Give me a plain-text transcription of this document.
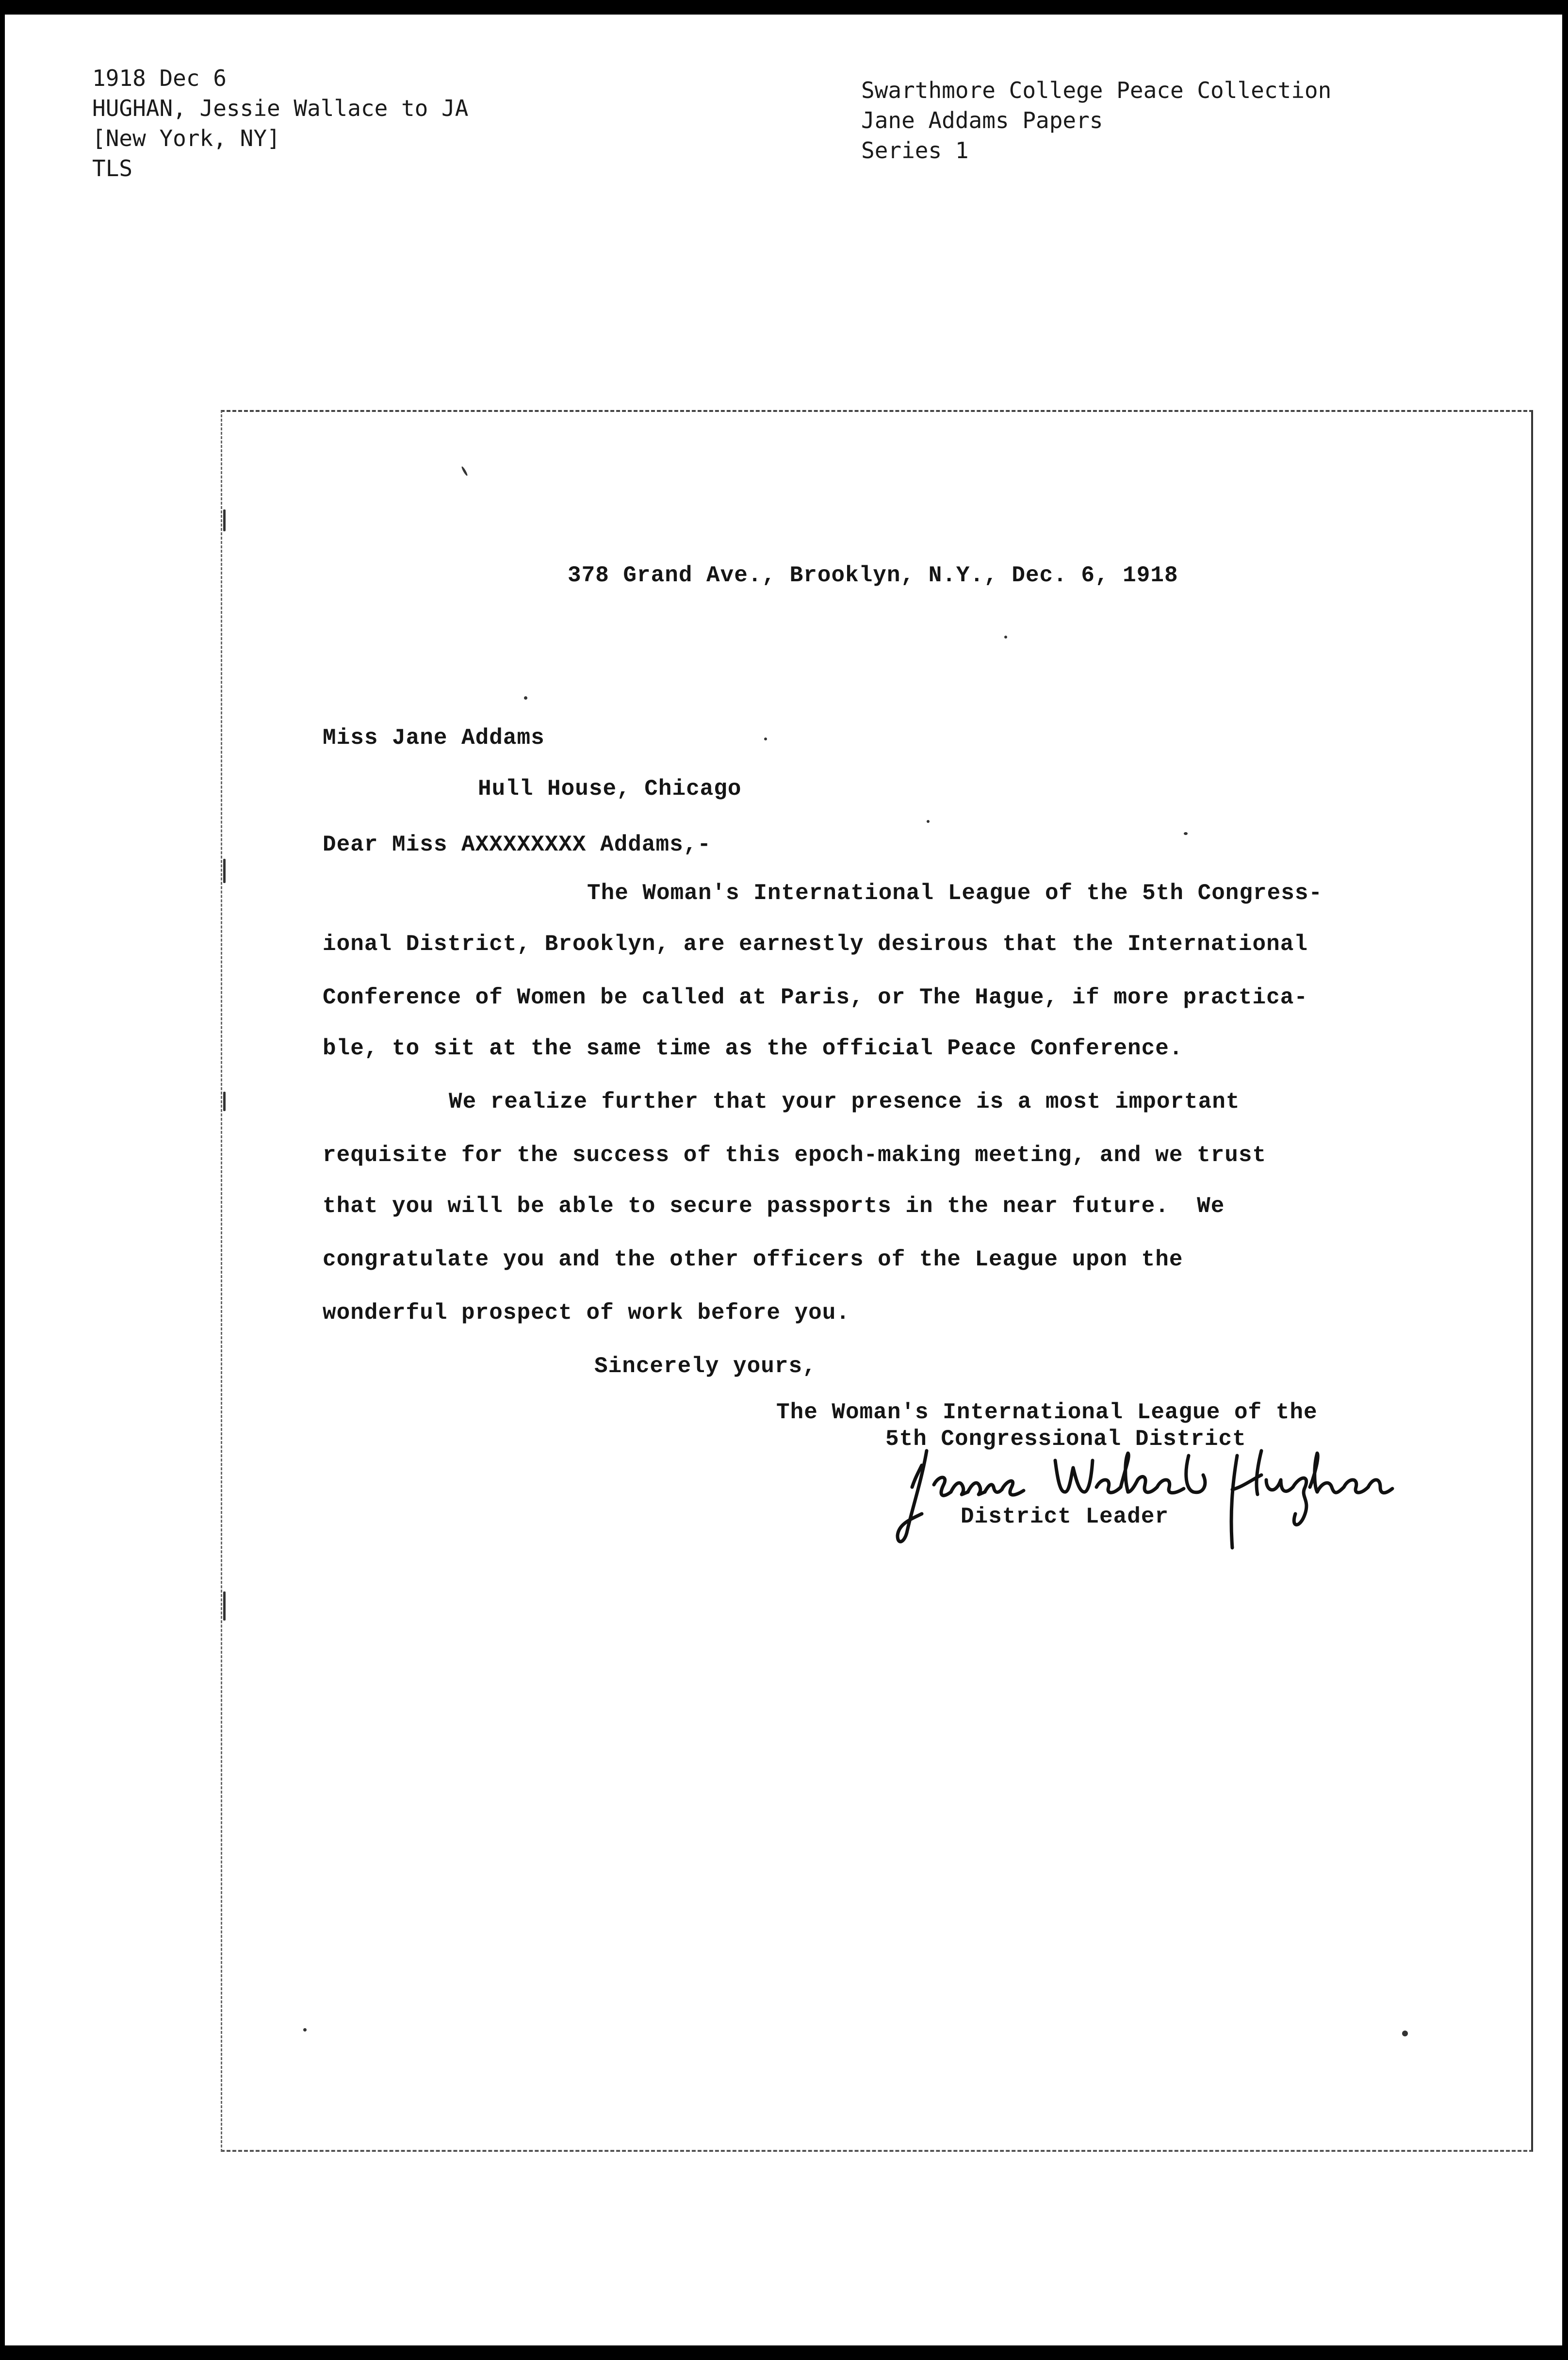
1918 Dec 6
HUGHAN, Jessie Wallace to JA
[New York, NY]
TLS
Swarthmore College Peace Collection
Jane Addams Papers
Series 1
378 Grand Ave., Brooklyn, N.Y., Dec. 6, 1918
Miss Jane Addams
Hull House, Chicago
Dear Miss AXXXXXXXX Addams,-
The Woman's International League of the 5th Congress-
ional District, Brooklyn, are earnestly desirous that the International
Conference of Women be called at Paris, or The Hague, if more practica-
ble, to sit at the same time as the official Peace Conference.
We realize further that your presence is a most important
requisite for the success of this epoch-making meeting, and we trust
that you will be able to secure passports in the near future.  We
congratulate you and the other officers of the League upon the
wonderful prospect of work before you.
Sincerely yours,
The Woman's International League of the
5th Congressional District
District Leader
